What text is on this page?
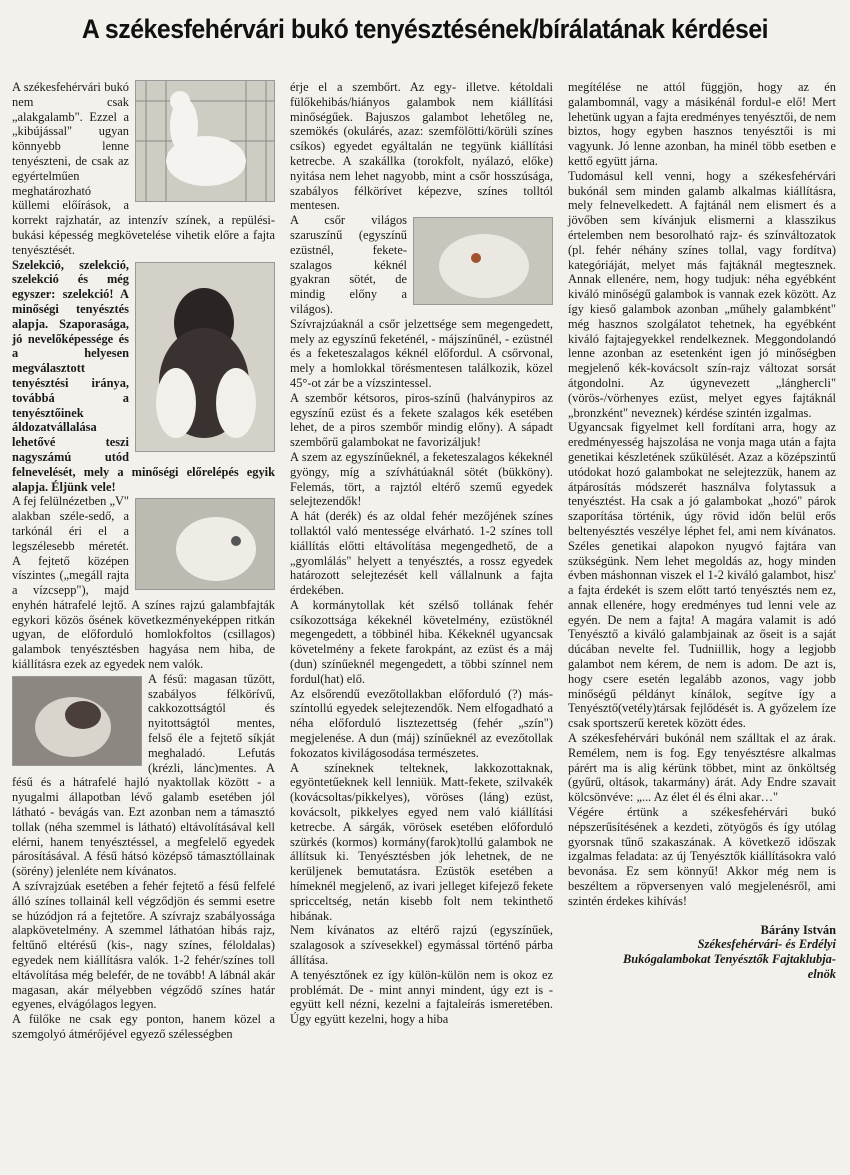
A székesfehérvári bukó tenyésztésének/bírálatának kérdései

A székesfehérvári bukó nem csak „alakgalamb". Ezzel a „kibújással" ugyan könnyebb lenne tenyészteni, de csak az egyértelműen meghatározható küllemi előírások, a korrekt rajzhatár, az intenzív színek, a repülési- bukási képesség megkövetelése vihetik előre a fajta tenyésztését.

Szelekció, szelekció, szelekció és még egyszer: szelekció! A minőségi tenyésztés alapja. Szaporasága, jó nevelőképessége és a helyesen megválasztott tenyésztési iránya, továbbá a tenyésztőinek áldozatvállalása lehetővé teszi nagyszámú utód felnevelését, mely a minőségi előrelépés egyik alapja. Éljünk vele!

A fej felülnézetben „V" alakban széle-sedő, a tarkónál éri el a legszélesebb méretét. A fejtető középen víszintes („megáll rajta a vízcsepp"), majd enyhén hátrafelé lejtő. A színes rajzú galambfajták egykori közös ősének következményeképpen ritkán ugyan, de előforduló homlokfoltos (csillagos) galambok tenyésztésben hagyása nem hiba, de kiállításra ezek az egyedek nem valók.

A fésű: magasan tűzött, szabályos félkörívű, cakkozottságtól és nyitottságtól mentes, felső éle a fejtető síkját meghaladó. Lefutás (krézli, lánc)mentes. A fésű és a hátrafelé hajló nyaktollak között - a nyugalmi állapotban lévő galamb esetében jól látható - bevágás van. Ezt azonban nem a támasztó tollak (néha szemmel is látható) eltávolításával kell elérni, hanem tenyésztéssel, a megfelelő egyedek párosításával. A fésű hátsó középső támasztóllainak (sörény) jelenléte nem kívánatos.

A szívrajzúak esetében a fehér fejtető a fésű felfelé álló színes tollainál kell végződjön és semmi esetre se húzódjon rá a fejtetőre. A szívrajz szabályossága alapkövetelmény. A szemmel láthatóan hibás rajz, feltűnő eltérésű (kis-, nagy színes, féloldalas) egyedek nem kiállításra valók. 1-2 fehér/színes toll eltávolítása még belefér, de ne tovább! A lábnál akár magasan, akár mélyebben végződő színes határ egyenes, elvágólagos legyen.

A fülőke ne csak egy ponton, hanem közel a szemgolyó átmérőjével egyező szélességben

érje el a szembőrt. Az egy- illetve. kétoldali fülőkehibás/hiányos galambok nem kiállítási minőségűek. Bajuszos galambot lehetőleg ne, szemökés (okulárés, azaz: szemfölötti/körüli színes csíkos) egyedet egyáltalán ne tegyünk kiállítási ketrecbe. A szakállka (torokfolt, nyálazó, előke) nyitása nem lehet nagyobb, mint a csőr hosszúsága, szabályos félkörívet képezve, színes tolltól mentesen.

A csőr világos szaruszínű (egyszínű ezüstnél, fekete-szalagos kéknél gyakran sötét, de mindig előny a világos). Szívrajzúaknál a csőr jelzettsége sem megengedett, mely az egyszínű feketénél, - májszínűnél, - ezüstnél és a feketeszalagos kéknél előfordul. A csőrvonal, mely a homlokkal törésmentesen találkozik, közel 45°-ot zár be a vízszintessel.

A szembőr kétsoros, piros-színű (halványpiros az egyszínű ezüst és a fekete szalagos kék esetében lehet, de a piros szembőr mindig előny). A sápadt szembőrű galambokat ne favorizáljuk!

A szem az egyszínűeknél, a feketeszalagos kékeknél gyöngy, míg a szívhátúaknál sötét (bükköny). Felemás, tört, a rajztól eltérő szemű egyedek selejtezendők!

A hát (derék) és az oldal fehér mezőjének színes tollaktól való mentessége elvárható. 1-2 színes toll kiállítás előtti eltávolítása megengedhető, de a „gyomlálás" helyett a tenyésztés, a rossz egyedek határozott selejtezését kell vállalnunk a fajta érdekében.

A kormánytollak két szélső tollának fehér csíkozottsága kékeknél követelmény, ezüstöknél megengedett, a többinél hiba. Kékeknél ugyancsak követelmény a fekete farokpánt, az ezüst és a máj (dun) színűeknél megengedett, a többi színnel nem fordul(hat) elő.

Az elsőrendű evezőtollakban előforduló (?) más-színtollú egyedek selejtezendők. Nem elfogadható a néha előforduló lisztezettség (fehér „szín") megjelenése. A dun (máj) színűeknél az evezőtollak fokozatos kivilágosodása természetes.

A színeknek telteknek, lakkozottaknak, egyöntetűeknek kell lenniük. Matt-fekete, szilvakék (kovácsoltas/pikkelyes), vöröses (láng) ezüst, kovácsolt, pikkelyes egyed nem való kiállítási ketrecbe. A sárgák, vörösek esetében előforduló szürkés (kormos) kormány(farok)tollú galambok ne állítsuk ki. Tenyésztésben jók lehetnek, de ne kerüljenek bemutatásra. Ezüstök esetében a hímeknél megjelenő, az ivari jelleget kifejező fekete spricceltség, netán kisebb folt nem tekinthető hibának.

Nem kívánatos az eltérő rajzú (egyszínűek, szalagosok a szívesekkel) egymással történő párba állítása.

A tenyésztőnek ez így külön-külön nem is okoz ez problémát. De - mint annyi mindent, úgy ezt is - együtt kell nézni, kezelni a fajtaleírás ismeretében. Úgy együtt kezelni, hogy a hiba

megítélése ne attól függjön, hogy az én galambomnál, vagy a másikénál fordul-e elő! Mert lehetünk ugyan a fajta eredményes tenyésztői, de nem biztos, hogy egyben hasznos tenyésztői is mi vagyunk. Jó lenne azonban, ha minél több esetben e kettő együtt járna.

Tudomásul kell venni, hogy a székesfehérvári bukónál sem minden galamb alkalmas kiállításra, mely felnevelkedett. A fajtánál nem elismert és a jövőben sem kívánjuk elismerni a klasszikus értelemben nem besorolható rajz- és színváltozatok (pl. fehér néhány színes tollal, vagy fordítva) kategóriáját, melyet más fajtáknál megtesznek. Annak ellenére, nem, hogy tudjuk: néha egyébként kiváló minőségű galambok is vannak ezek között. Az így kieső galambok azonban „műhely galambként" még hasznos szolgálatot tehetnek, ha egyébként kiváló fajtajegyekkel rendelkeznek. Meggondolandó lenne azonban az esetenként igen jó minőségben megjelenő kék-kovácsolt szín-rajz változat sorsát átgondolni. Az úgynevezett „lánghercli" (vörös-/vörhenyes ezüst, melyet egyes fajtáknál „bronzként" neveznek) kérdése szintén izgalmas.

Ugyancsak figyelmet kell fordítani arra, hogy az eredményesség hajszolása ne vonja maga után a fajta genetikai készletének szűkülését. Azaz a középszintű utódokat hozó galambokat ne selejtezzük, hanem az átpárosítás módszerét használva folytassuk a tenyésztést. Ha csak a jó galambokat „hozó" párok szaporítása történik, úgy rövid időn belül erős beltenyésztés veszélye léphet fel, ami nem kívánatos. Széles genetikai alapokon nyugvó fajtára van szükségünk. Nem lehet megoldás az, hogy minden évben máshonnan viszek el 1-2 kiváló galambot, hisz' a fajta érdekét is szem előtt tartó tenyésztés nem ez, annak ellenére, hogy eredményes tud lenni vele az egyén. De nem a fajta! A magára valamit is adó Tenyésztő a kiváló galambjainak az őseit is a saját dúcában nevelte fel. Tudniillik, hogy a legjobb galambot nem kérem, de nem is adom. De azt is, hogy csere esetén legalább azonos, vagy jobb minőségű példányt kínálok, segítve így a Tenyésztő(vetély)társak fejlődését is. A győzelem íze csak sportszerű keretek között édes.

A székesfehérvári bukónál nem szálltak el az árak. Remélem, nem is fog. Egy tenyésztésre alkalmas párért ma is alig kérünk többet, mint az önköltség (gyűrű, oltások, takarmány) árát. Ady Endre szavait kölcsönvéve: „... Az élet él és élni akar…"

Végére értünk a székesfehérvári bukó népszerűsítésének a kezdeti, zötyögős és így utólag gyorsnak tűnő szakaszának. A következő időszak izgalmas feladata: az új Tenyésztők kiállításokra való bevonása. Ez sem könnyű! Akkor még nem is beszéltem a röpversenyen való megjelenésről, ami szintén érdekes kihívás!

Bárány István
Székesfehérvári- és Erdélyi
Bukógalambokat Tenyésztők Fajtaklubja-
elnök
